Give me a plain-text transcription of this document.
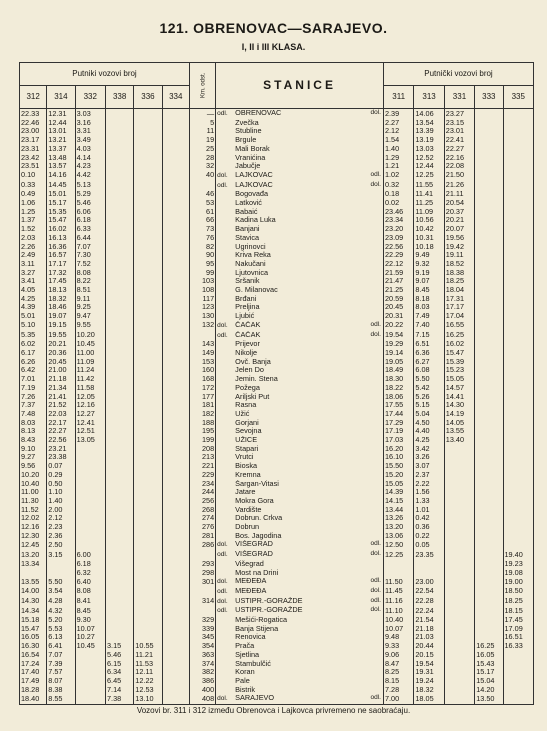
121. OBRENOVAC—SARAJEVO.
I, II i III KLASA.
Putniki vozovi broj						Km. odst.	STANICE	Putnički vozovi broj				
312	314	332	338	336	334			311	313	331	333	335
22.33	12.31	3.03				—	odl. OBRENOVAC dol.	2.39	14.06	23.27		
22.46	12.44	3.16				5	Zvečka	2.27	13.54	23.15		
23.00	13.01	3.31				11	Stubline	2.12	13.39	23.01		
23.17	13.21	3.49				19	Brgule	1.54	13.19	22.41		
23.31	13.37	4.03				25	Mali Borak	1.40	13.03	22.27		
23.42	13.48	4.14				28	Vranićina	1.29	12.52	22.16		
23.51	13.57	4.23				32	Jabučje	1.21	12.44	22.08		
0.10	14.16	4.42				40	dol. LAJKOVAC odl.	1.02	12.25	21.50		
0.33	14.45	5.13					odl. LAJKOVAC dol.	0.32	11.55	21.26		
0.49	15.01	5.29				46	Bogovađa	0.18	11.41	21.11		
1.06	15.17	5.46				53	Latković	0.02	11.25	20.54		
1.25	15.35	6.06				61	Babaić	23.46	11.09	20.37		
1.37	15.47	6.18				66	Kadina Luka	23.34	10.56	20.21		
1.52	16.02	6.33				73	Banjani	23.20	10.42	20.07		
2.03	16.13	6.44				76	Stavica	23.09	10.31	19.56		
2.26	16.36	7.07				82	Ugrinovci	22.56	10.18	19.42		
2.49	16.57	7.30				90	Kriva Reka	22.29	9.49	19.11		
3.11	17.17	7.52				95	Nakučani	22.12	9.32	18.52		
3.27	17.32	8.08				99	Ljutovnica	21.59	9.19	18.38		
3.41	17.45	8.22				103	Sršanik	21.47	9.07	18.25		
4.05	18.13	8.51				108	G. Milanovac	21.25	8.45	18.04		
4.25	18.32	9.11				117	Brđani	20.59	8.18	17.31		
4.39	18.46	9.25				123	Preljina	20.45	8.03	17.17		
5.01	19.07	9.47				130	Ljubić	20.31	7.49	17.04		
5.10	19.15	9.55				132	dol. ČAČAK odl.	20.22	7.40	16.55		
5.35	19.55	10.20					odl. ČAČAK dol.	19.54	7.15	16.25		
6.02	20.21	10.45				143	Prijevor	19.29	6.51	16.02		
6.17	20.36	11.00				149	Nikolje	19.14	6.36	15.47		
6.26	20.45	11.09				153	Ovč. Banja	19.05	6.27	15.39		
6.42	21.00	11.24				160	Jelen Do	18.49	6.08	15.23		
7.01	21.18	11.42				168	Jemin. Stena	18.30	5.50	15.05		
7.19	21.34	11.58				172	Požega	18.22	5.42	14.57		
7.26	21.41	12.05				177	Ariljski Put	18.06	5.26	14.41		
7.37	21.52	12.16				181	Rasna	17.55	5.15	14.30		
7.48	22.03	12.27				182	Užić	17.44	5.04	14.19		
8.03	22.17	12.41				188	Gorjani	17.29	4.50	14.05		
8.13	22.27	12.51				195	Sevojna	17.19	4.40	13.55		
8.43	22.56	13.05				199	UŽICE	17.03	4.25	13.40		
9.10	23.21					208	Stapari	16.20	3.42			
9.27	23.38					213	Vrutci	16.10	3.26			
9.56	0.07					221	Bioska	15.50	3.07			
10.20	0.29					229	Kremna	15.20	2.37			
10.40	0.50					234	Šargan-Vitasi	15.05	2.22			
11.00	1.10					244	Jatare	14.39	1.56			
11.30	1.40					256	Mokra Gora	14.15	1.33			
11.52	2.00					268	Vardište	13.44	1.01			
12.02	2.12					274	Dobrun. Crkva	13.26	0.42			
12.16	2.23					276	Dobrun	13.20	0.36			
12.30	2.36					281	Bos. Jagodina	13.06	0.22			
12.45	2.50					286	dol. VIŠEGRAD odl.	12.50	0.05			
13.20	3.15	6.00					odl. VIŠEGRAD dol.	12.25	23.35			19.40
13.34		6.18				293	Višegrad					19.23
		6.32				298	Most na Drini					19.08
13.55	5.50	6.40				301	dol. MEĐEĐA odl.	11.50	23.00			19.00
14.00	3.54	8.08					odl. MEĐEĐA dol.	11.45	22.54			18.50
14.30	4.28	8.41				314	dol. USTIPR.-GORAŽDE odl.	11.16	22.28			18.25
14.34	4.32	8.45					odl. USTIPR.-GORAŽDE dol.	11.10	22.24			18.15
15.18	5.20	9.30				329	Mešići-Rogatica	10.40	21.54			17.45
15.47	5.53	10.07				339	Banja Stijena	10.07	21.18			17.09
16.05	6.13	10.27				345	Renovica	9.48	21.03			16.51
16.30	6.41	10.45	3.15	10.55		354	Prača	9.33	20.44		16.25	16.33
16.54	7.07		5.46	11.21		363	Sjetlina	9.06	20.15		16.05	
17.24	7.39		6.15	11.53		374	Stambulčić	8.47	19.54		15.43	
17.40	7.57		6.34	12.11		382	Koran	8.25	19.31		15.17	
17.49	8.07		6.45	12.22		386	Pale	8.15	19.24		15.04	
18.28	8.38		7.14	12.53		400	Bistrik	7.28	18.32		14.20	
18.40	8.55		7.38	13.10		408	dol. SARAJEVO odl.	7.00	18.05		13.50	
Vozovi br. 311 i 312 između Obrenovca i Lajkovca privremeno ne saobraćaju.
